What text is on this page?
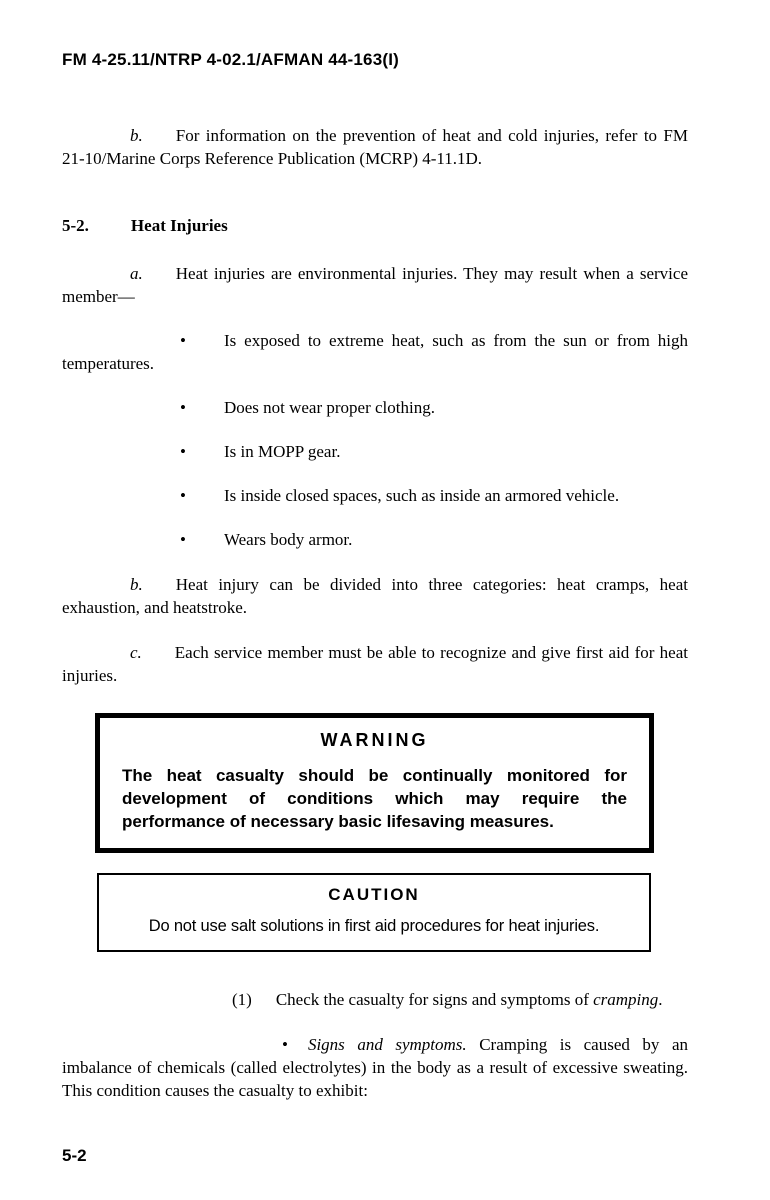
FM 4-25.11/NTRP 4-02.1/AFMAN 44-163(I)

b. For information on the prevention of heat and cold injuries, refer to FM 21-10/Marine Corps Reference Publication (MCRP) 4-11.1D.

5-2. Heat Injuries

a. Heat injuries are environmental injuries. They may result when a service member—

• Is exposed to extreme heat, such as from the sun or from high temperatures.

• Does not wear proper clothing.

• Is in MOPP gear.

• Is inside closed spaces, such as inside an armored vehicle.

• Wears body armor.

b. Heat injury can be divided into three categories: heat cramps, heat exhaustion, and heatstroke.

c. Each service member must be able to recognize and give first aid for heat injuries.

WARNING
The heat casualty should be continually monitored for development of conditions which may require the performance of necessary basic lifesaving measures.
CAUTION
Do not use salt solutions in first aid procedures for heat injuries.

(1) Check the casualty for signs and symptoms of cramping.

• Signs and symptoms. Cramping is caused by an imbalance of chemicals (called electrolytes) in the body as a result of excessive sweating. This condition causes the casualty to exhibit:

5-2
